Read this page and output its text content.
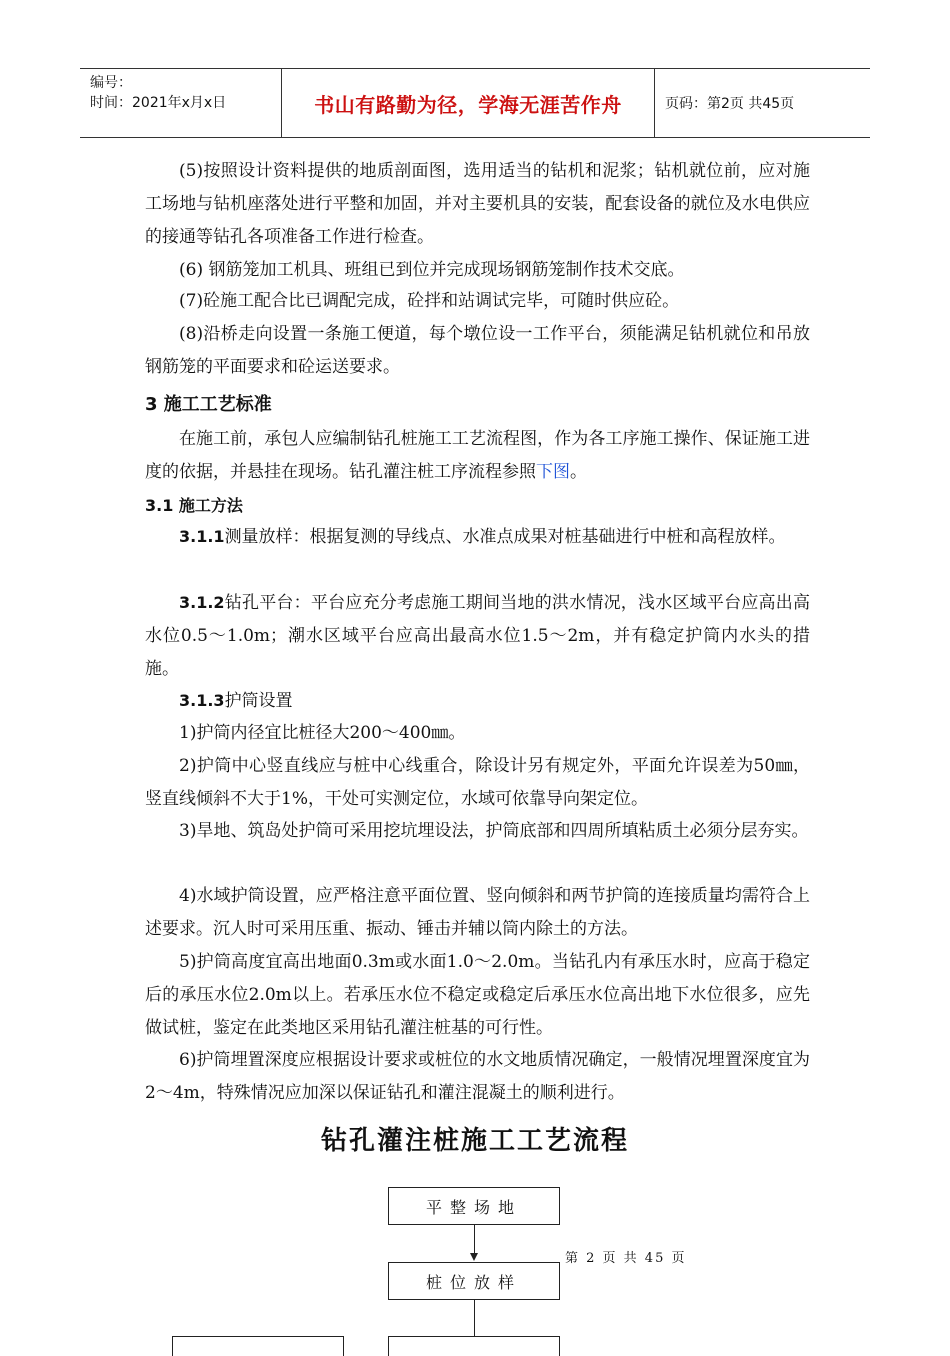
编号：
时间：2021年x月x日	书山有路勤为径，学海无涯苦作舟	页码：第2页 共45页

(5)按照设计资料提供的地质剖面图，选用适当的钻机和泥浆；钻机就位前，应对施工场地与钻机座落处进行平整和加固，并对主要机具的安装，配套设备的就位及水电供应的接通等钻孔各项准备工作进行检查。

(6) 钢筋笼加工机具、班组已到位并完成现场钢筋笼制作技术交底。

(7)砼施工配合比已调配完成，砼拌和站调试完毕，可随时供应砼。

(8)沿桥走向设置一条施工便道，每个墩位设一工作平台，须能满足钻机就位和吊放钢筋笼的平面要求和砼运送要求。

3 施工工艺标准

在施工前，承包人应编制钻孔桩施工工艺流程图，作为各工序施工操作、保证施工进度的依据，并悬挂在现场。钻孔灌注桩工序流程参照下图。

3.1 施工方法

3.1.1测量放样：根据复测的导线点、水准点成果对桩基础进行中桩和高程放样。

3.1.2钻孔平台：平台应充分考虑施工期间当地的洪水情况，浅水区域平台应高出高水位0.5～1.0m；潮水区域平台应高出最高水位1.5～2m，并有稳定护筒内水头的措施。

3.1.3护筒设置

1)护筒内径宜比桩径大200～400㎜。

2)护筒中心竖直线应与桩中心线重合，除设计另有规定外，平面允许误差为50㎜，竖直线倾斜不大于1%，干处可实测定位，水域可依靠导向架定位。

3)旱地、筑岛处护筒可采用挖坑埋设法，护筒底部和四周所填粘质土必须分层夯实。

4)水域护筒设置，应严格注意平面位置、竖向倾斜和两节护筒的连接质量均需符合上述要求。沉人时可采用压重、振动、锤击并辅以筒内除土的方法。

5)护筒高度宜高出地面0.3m或水面1.0～2.0m。当钻孔内有承压水时，应高于稳定后的承压水位2.0m以上。若承压水位不稳定或稳定后承压水位高出地下水位很多，应先做试桩，鉴定在此类地区采用钻孔灌注桩基的可行性。

6)护筒埋置深度应根据设计要求或桩位的水文地质情况确定，一般情况埋置深度宜为2～4m，特殊情况应加深以保证钻孔和灌注混凝土的顺利进行。

钻孔灌注桩施工工艺流程
平整场地
桩位放样
第 2 页 共 45 页
